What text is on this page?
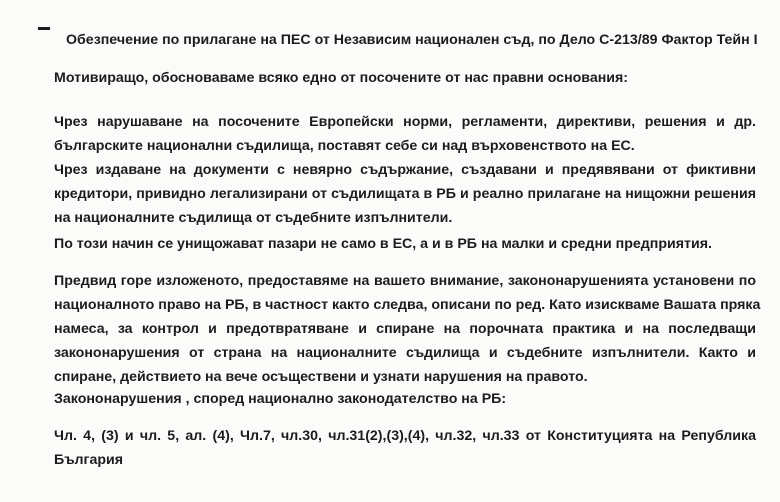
Обезпечение по прилагане на ПЕС от Независим национален съд, по Дело С-213/89 Фактор Тейн I

Мотивиращо, обосноваваме всяко едно от посочените от нас правни основания:

Чрез нарушаване на посочените Европейски норми, регламенти, директиви, решения и др.
българските национални съдилища, поставят себе си над върховенството на ЕС.
Чрез издаване на документи с невярно съдържание, създавани и предявявани от фиктивни
кредитори, привидно легализирани от съдилищата в РБ и реално прилагане на нищожни решения
на националните съдилища от съдебните изпълнители.

По този начин се унищожават пазари не само в ЕС, а и в РБ на малки и средни предприятия.

Предвид горе изложеното, предоставяме на вашето внимание, закононарушенията установени по
националното право на РБ, в частност както следва, описани по ред. Като изисквамe Вашата пряка
намеса, за контрол и предотвратяване и спиране на порочната практика и на последващи
закононарушения от страна на националните съдилища и съдебните изпълнители. Както и
спиране, действието на вече осъществени и узнати нарушения на правото.

Закононарушения , според национално законодателство на РБ:

Чл. 4, (3) и чл. 5, ал. (4), Чл.7, чл.30, чл.31(2),(3),(4), чл.32, чл.33 от Конституцията на Република
България
